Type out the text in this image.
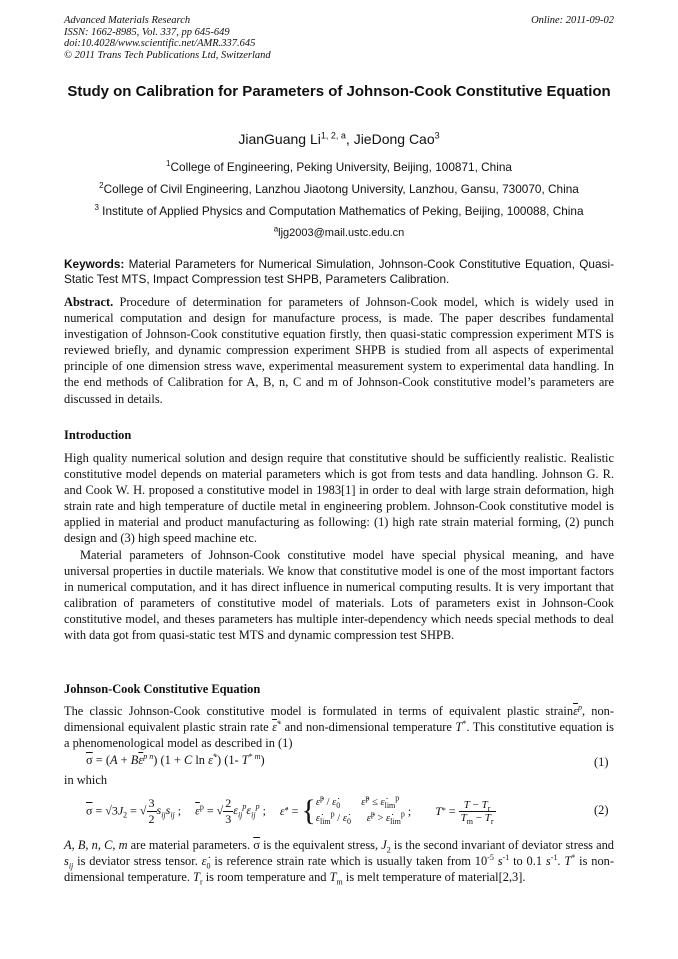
Advanced Materials Research
ISSN: 1662-8985, Vol. 337, pp 645-649
doi:10.4028/www.scientific.net/AMR.337.645
© 2011 Trans Tech Publications Ltd, Switzerland
Online: 2011-09-02
Study on Calibration for Parameters of Johnson-Cook Constitutive Equation
JianGuang Li$^{1, 2, a}$, JieDong Cao$^3$
$^1$College of Engineering, Peking University, Beijing, 100871, China
$^2$College of Civil Engineering, Lanzhou Jiaotong University, Lanzhou, Gansu, 730070, China
$^3$ Institute of Applied Physics and Computation Mathematics of Peking, Beijing, 100088, China
$^a$ljg2003@mail.ustc.edu.cn
Keywords: Material Parameters for Numerical Simulation, Johnson-Cook Constitutive Equation, Quasi-Static Test MTS, Impact Compression test SHPB, Parameters Calibration.
Abstract. Procedure of determination for parameters of Johnson-Cook model, which is widely used in numerical computation and design for manufacture process, is made. The paper describes fundamental investigation of Johnson-Cook constitutive equation firstly, then quasi-static compression experiment MTS is reviewed briefly, and dynamic compression experiment SHPB is studied from all aspects of experimental principle of one dimension stress wave, experimental measurement system to experimental data handling. In the end methods of Calibration for A, B, n, C and m of Johnson-Cook constitutive model’s parameters are discussed in details.
Introduction

High quality numerical solution and design require that constitutive should be sufficiently realistic. Realistic constitutive model depends on material parameters which is got from tests and data handling. Johnson G. R. and Cook W. H. proposed a constitutive model in 1983[1] in order to deal with large strain deformation, high strain rate and high temperature of ductile metal in engineering problem. Johnson-Cook constitutive model is applied in material and product manufacturing as following: (1) high rate strain material forming, (2) punch design and (3) high speed machine etc.

Material parameters of Johnson-Cook constitutive model have special physical meaning, and have universal properties in ductile materials. We know that constitutive model is one of the most important factors in numerical computation, and it has direct influence in numerical computing results. It is very important that calibration of parameters of constitutive model of materials. Lots of parameters exist in Johnson-Cook constitutive model, and theses parameters has multiple inter-dependency which needs special methods to deal with data got from quasi-static test MTS and dynamic compression test SHPB.

Johnson-Cook Constitutive Equation
The classic Johnson-Cook constitutive model is formulated in terms of equivalent plastic $strain\overline{\varepsilon}^p$, non-dimensional equivalent plastic strain rate ε̇* and non-dimensional temperature T*. This constitutive equation is a phenomenological model as described in (1)
$\overline{\sigma} = (A + B\overline{\varepsilon}^{p n}) (1 + C$ ln ε̇*) (1- $T^{* m}$)	(1)
in which
$\overline{\sigma} = √3J_2$ = √ $\frac{3}{2} s_{ij}s_{ij}$ ; $\overline{\varepsilon}^p$ = √ $\frac{2}{3} \varepsilon_{ij}^p\varepsilon_{ij}^p$ ; ε̇ * = { ε̇$^p$ / $\varepsiloṅ_0$ ε̇$^p$ ≤ $\varepsiloṅ_{lim}^p$
$\varepsiloṅ_{lim}^p$ / $\varepsiloṅ_0$ ε̇$^p$ > $\varepsiloṅ_{lim}^p$ ; T * = $\frac{T - T_r}{T_m - T_r}$	(2)
A, B, n, C, m are material parameters. $\overline{\sigma}$ is the equivalent stress, $J_2$ is the second invariant of deviator stress and $s_{ij}$ is deviator stress tensor. $\varepsiloṅ_0$ is reference strain rate which is usually taken from $10^{-5}$ $s^{-1}$ to 0.1 $s^{-1}$. T* is non-dimensional temperature. $T_r$ is room temperature and $T_m$ is melt temperature of material[2,3].
